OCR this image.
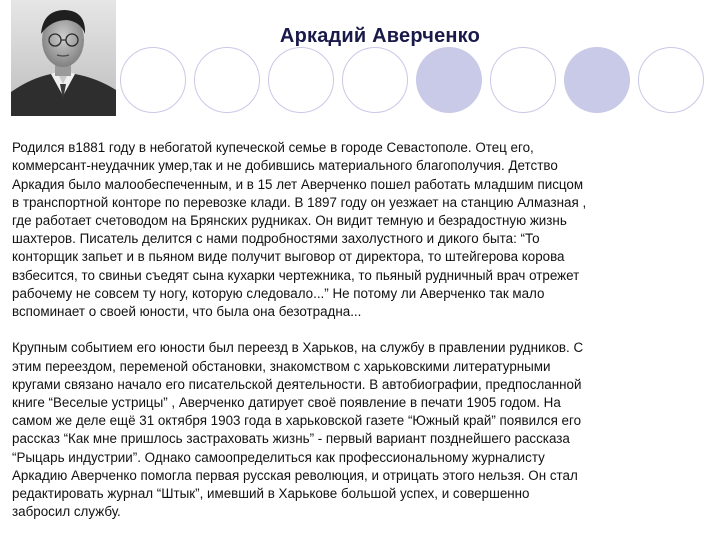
Аркадий Аверченко

Родился в1881 году в небогатой купеческой семье в городе Севастополе. Отец его,
коммерсант-неудачник умер,так и не добившись материального благополучия. Детство
Аркадия было малообеспеченным, и в 15 лет Аверченко пошел работать младшим писцом
в транспортной конторе по перевозке клади. В 1897 году он уезжает на станцию Алмазная ,
где работает счетоводом на Брянских рудниках. Он видит темную и безрадостную жизнь
шахтеров. Писатель делится с нами подробностями захолустного и дикого быта: “То
конторщик запьет и в пьяном виде получит выговор от директора, то штейгерова корова
взбесится, то свиньи съедят сына кухарки чертежника, то пьяный рудничный врач отрежет
рабочему не совсем ту ногу, которую следовало...” Не потому ли Аверченко так мало
вспоминает о своей юности, что была она безотрадна...

Крупным событием его юности был переезд в Харьков, на службу в правлении рудников. С
этим переездом, переменой обстановки, знакомством с харьковскими литературными
кругами связано начало его писательской деятельности. В автобиографии, предпосланной
книге “Веселые устрицы” , Аверченко датирует своё появление в печати 1905 годом. На
самом же деле ещё 31 октября 1903 года в харьковской газете “Южный край” появился его
рассказ “Как мне пришлось застраховать жизнь” - первый вариант позднейшего рассказа
“Рыцарь индустрии”. Однако самоопределиться как профессиональному журналисту
Аркадию Аверченко помогла первая русская революция, и отрицать этого нельзя. Он стал
редактировать журнал “Штык”, имевший в Харькове большой успех, и совершенно
забросил службу.
